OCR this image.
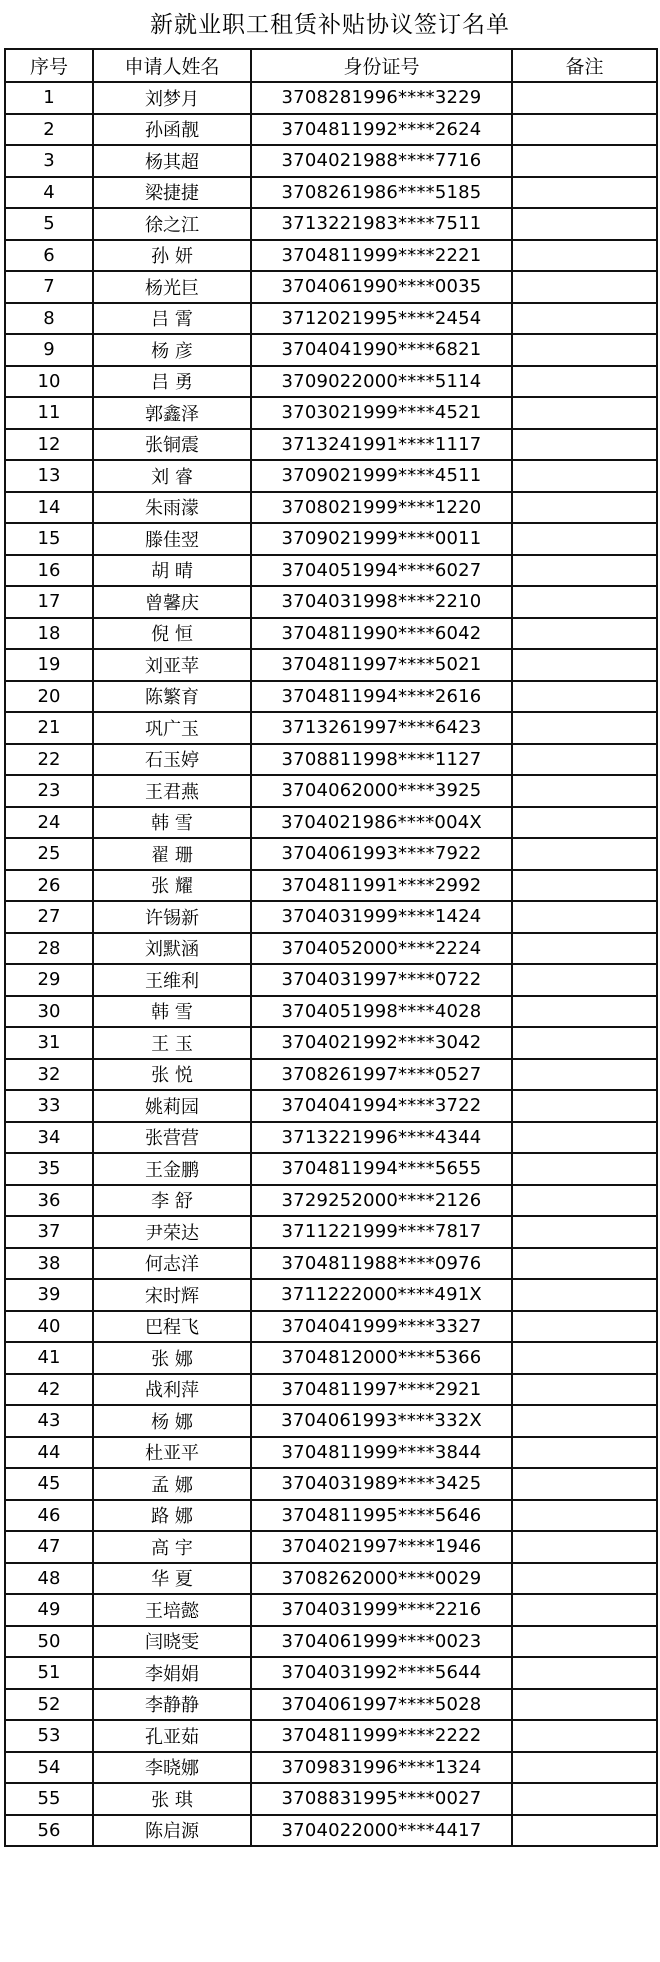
新就业职工租赁补贴协议签订名单
序号	申请人姓名	身份证号	备注
1	刘梦月	3708281996****3229	
2	孙函靓	3704811992****2624	
3	杨其超	3704021988****7716	
4	梁捷捷	3708261986****5185	
5	徐之江	3713221983****7511	
6	孙 妍	3704811999****2221	
7	杨光巨	3704061990****0035	
8	吕 霄	3712021995****2454	
9	杨 彦	3704041990****6821	
10	吕 勇	3709022000****5114	
11	郭鑫泽	3703021999****4521	
12	张铜震	3713241991****1117	
13	刘 睿	3709021999****4511	
14	朱雨濛	3708021999****1220	
15	滕佳翌	3709021999****0011	
16	胡 晴	3704051994****6027	
17	曾馨庆	3704031998****2210	
18	倪 恒	3704811990****6042	
19	刘亚苹	3704811997****5021	
20	陈繁育	3704811994****2616	
21	巩广玉	3713261997****6423	
22	石玉婷	3708811998****1127	
23	王君燕	3704062000****3925	
24	韩 雪	3704021986****004X	
25	翟 珊	3704061993****7922	
26	张 耀	3704811991****2992	
27	许锡新	3704031999****1424	
28	刘默涵	3704052000****2224	
29	王维利	3704031997****0722	
30	韩 雪	3704051998****4028	
31	王 玉	3704021992****3042	
32	张 悦	3708261997****0527	
33	姚莉园	3704041994****3722	
34	张营营	3713221996****4344	
35	王金鹏	3704811994****5655	
36	李 舒	3729252000****2126	
37	尹荣达	3711221999****7817	
38	何志洋	3704811988****0976	
39	宋时辉	3711222000****491X	
40	巴程飞	3704041999****3327	
41	张 娜	3704812000****5366	
42	战利萍	3704811997****2921	
43	杨 娜	3704061993****332X	
44	杜亚平	3704811999****3844	
45	孟 娜	3704031989****3425	
46	路 娜	3704811995****5646	
47	高 宇	3704021997****1946	
48	华 夏	3708262000****0029	
49	王培懿	3704031999****2216	
50	闫晓雯	3704061999****0023	
51	李娟娟	3704031992****5644	
52	李静静	3704061997****5028	
53	孔亚茹	3704811999****2222	
54	李晓娜	3709831996****1324	
55	张 琪	3708831995****0027	
56	陈启源	3704022000****4417	
